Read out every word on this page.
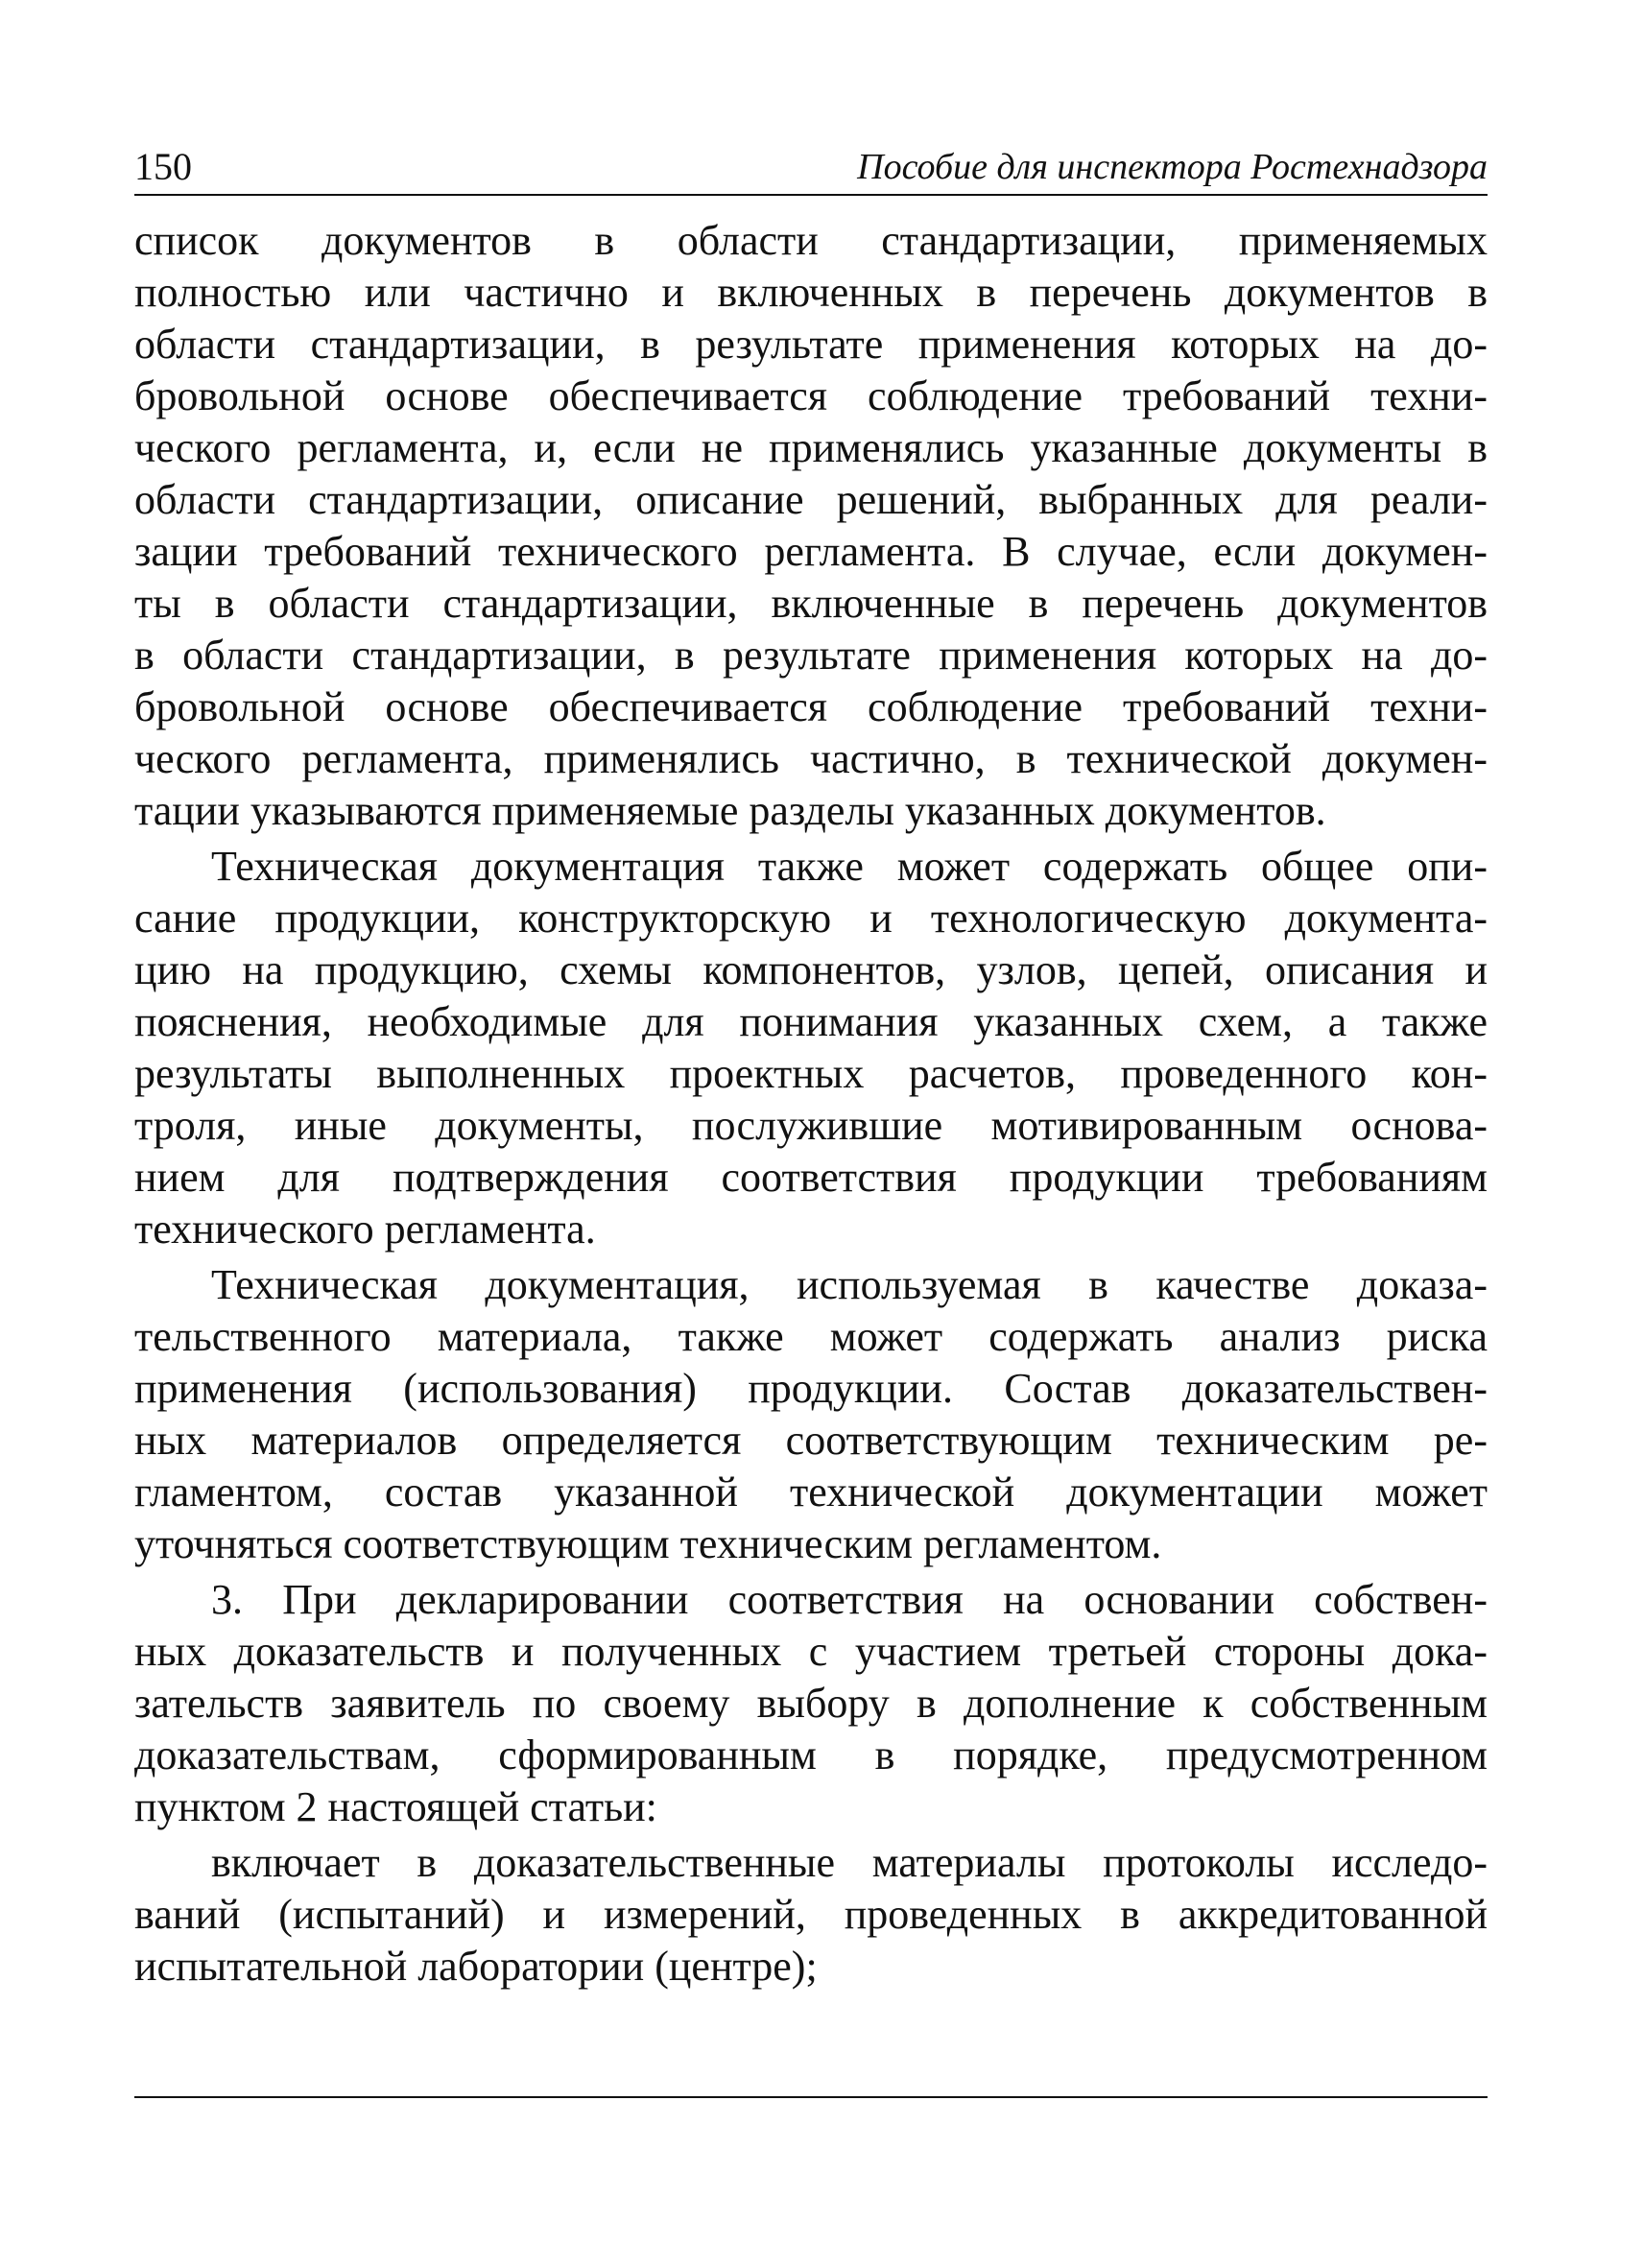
150	Пособие для инспектора Ростехнадзора

список документов в области стандартизации, применяемых
полностью или частично и включенных в перечень документов в
области стандартизации, в результате применения которых на до-
бровольной основе обеспечивается соблюдение требований техни-
ческого регламента, и, если не применялись указанные документы в
области стандартизации, описание решений, выбранных для реали-
зации требований технического регламента. В случае, если докумен-
ты в области стандартизации, включенные в перечень документов
в области стандартизации, в результате применения которых на до-
бровольной основе обеспечивается соблюдение требований техни-
ческого регламента, применялись частично, в технической докумен-
тации указываются применяемые разделы указанных документов.

Техническая документация также может содержать общее опи-
сание продукции, конструкторскую и технологическую документа-
цию на продукцию, схемы компонентов, узлов, цепей, описания и
пояснения, необходимые для понимания указанных схем, а также
результаты выполненных проектных расчетов, проведенного кон-
троля, иные документы, послужившие мотивированным основа-
нием для подтверждения соответствия продукции требованиям
технического регламента.

Техническая документация, используемая в качестве доказа-
тельственного материала, также может содержать анализ риска
применения (использования) продукции. Состав доказательствен-
ных материалов определяется соответствующим техническим ре-
гламентом, состав указанной технической документации может
уточняться соответствующим техническим регламентом.

3. При декларировании соответствия на основании собствен-
ных доказательств и полученных с участием третьей стороны дока-
зательств заявитель по своему выбору в дополнение к собственным
доказательствам, сформированным в порядке, предусмотренном
пунктом 2 настоящей статьи:

включает в доказательственные материалы протоколы исследо-
ваний (испытаний) и измерений, проведенных в аккредитованной
испытательной лаборатории (центре);
